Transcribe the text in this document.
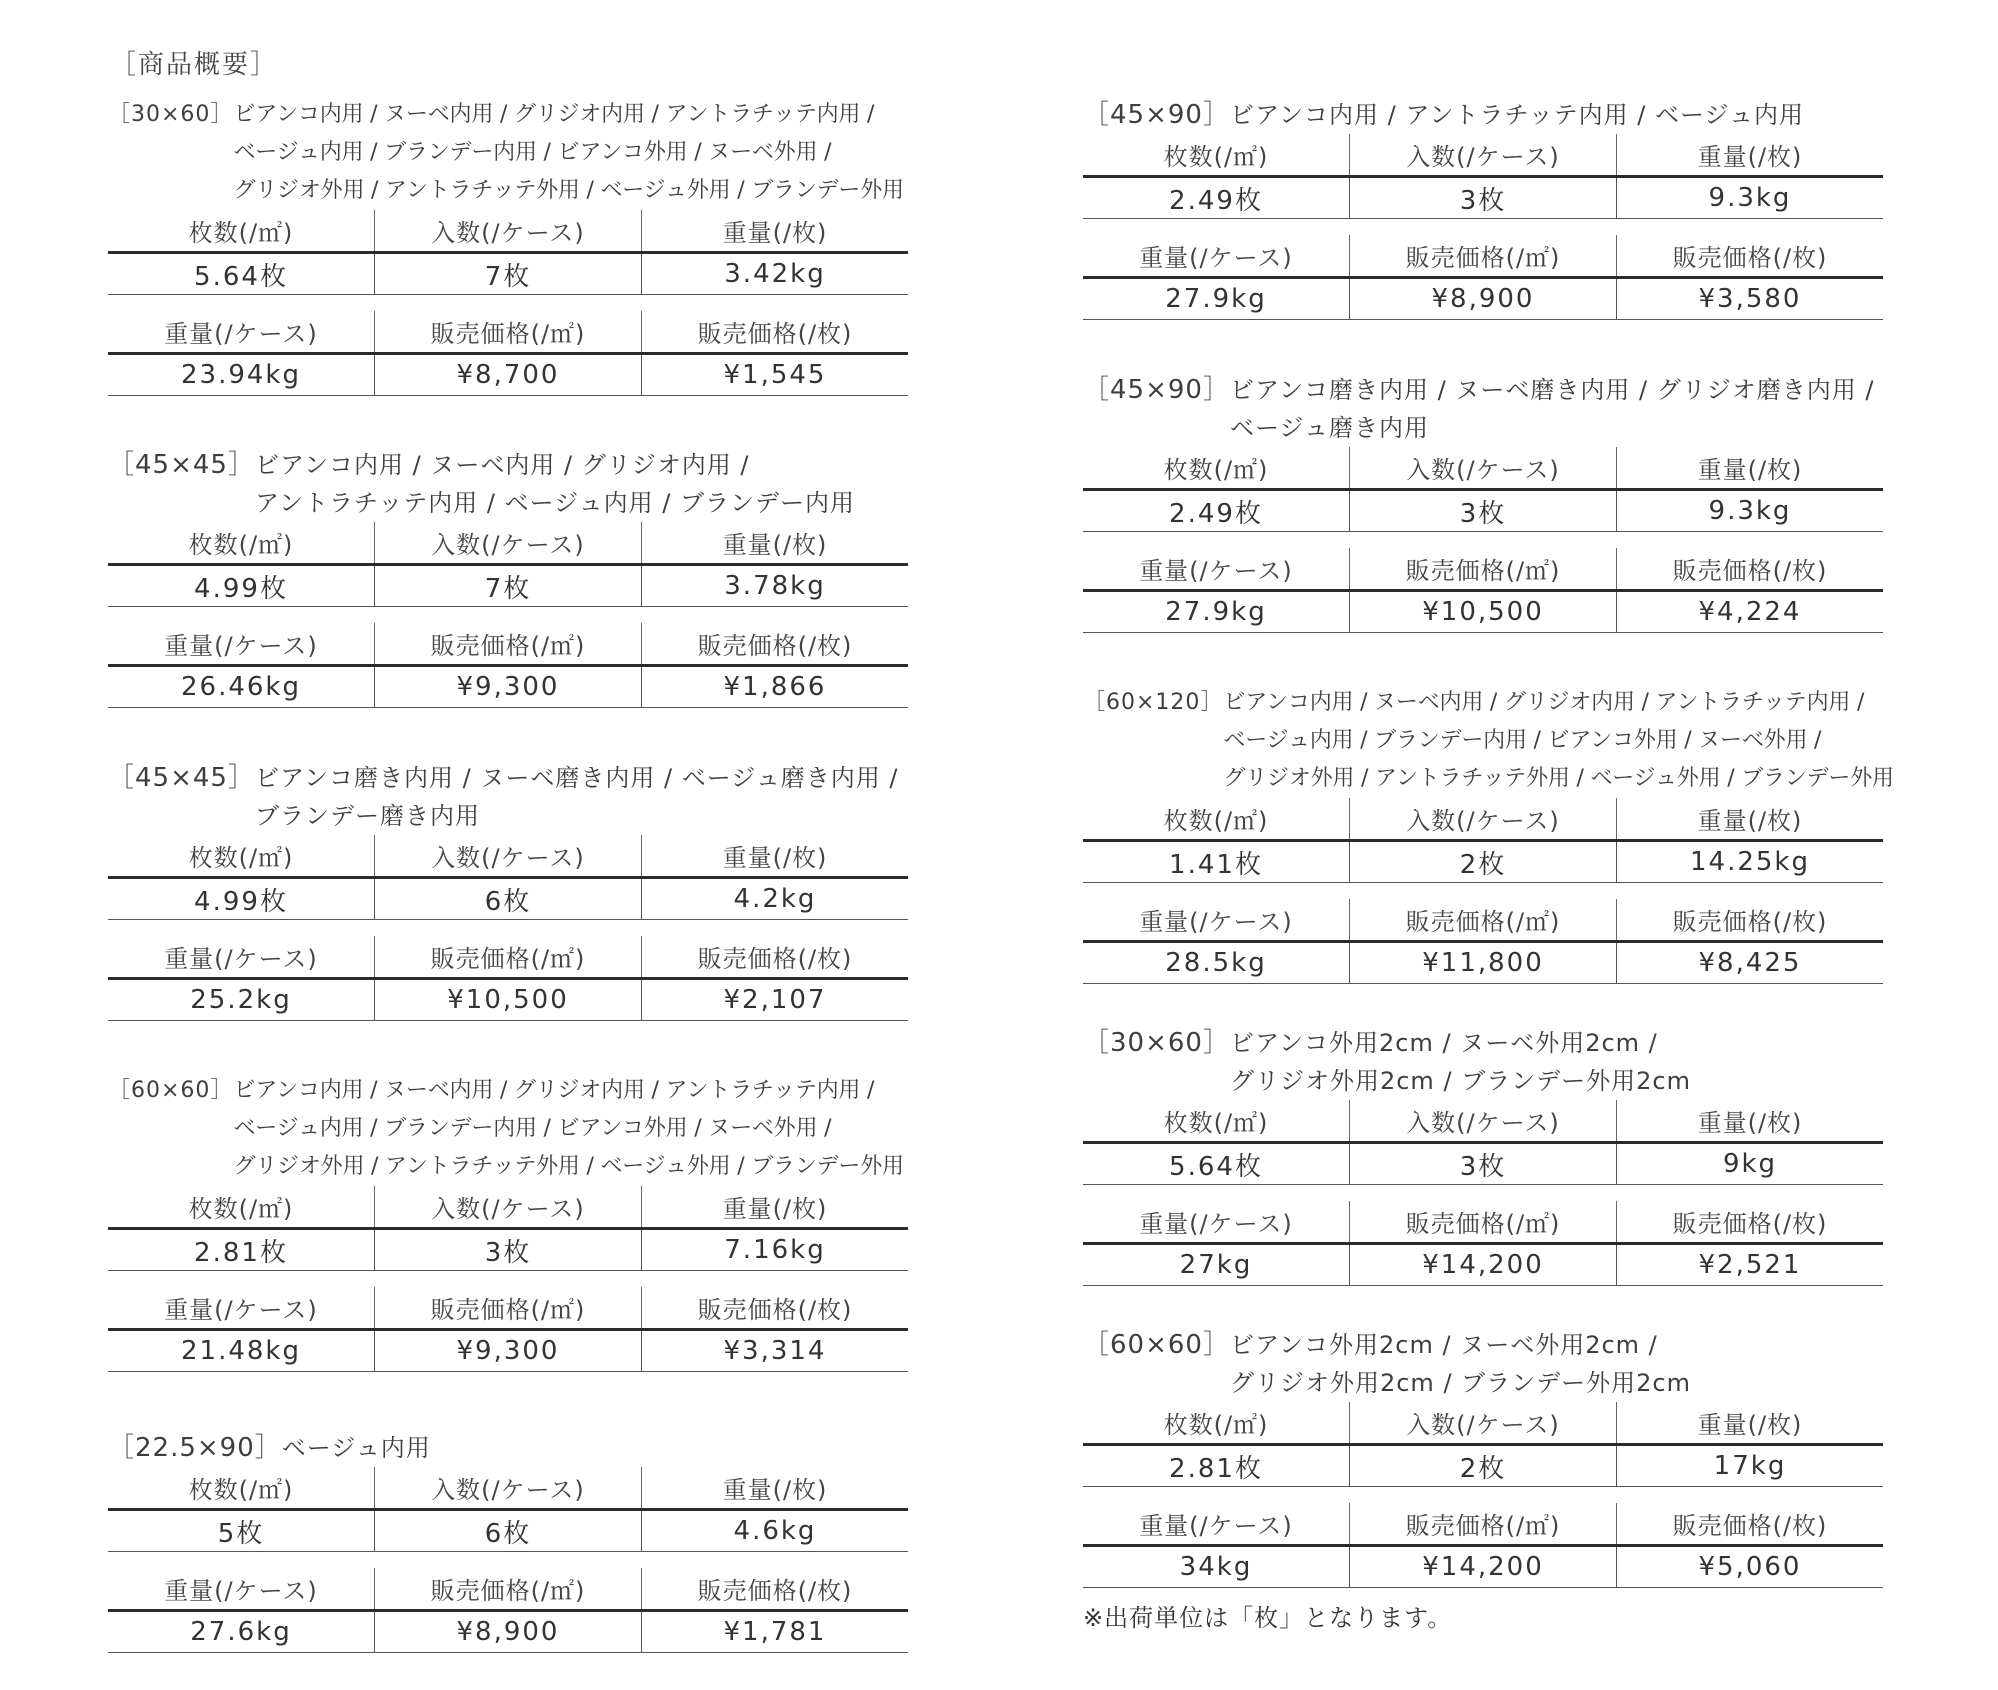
［商品概要］
［30×60］ ビアンコ内用 / ヌーベ内用 / グリジオ内用 / アントラチッテ内用 /
ベージュ内用 / ブランデー内用 / ビアンコ外用 / ヌーベ外用 /
グリジオ外用 / アントラチッテ外用 / ベージュ外用 / ブランデー外用
枚数(/㎡)	入数(/ケース)	重量(/枚)
5.64枚	7枚	3.42kg
重量(/ケース)	販売価格(/㎡)	販売価格(/枚)
23.94kg	¥8,700	¥1,545
［45×45］ ビアンコ内用 / ヌーベ内用 / グリジオ内用 /
アントラチッテ内用 / ベージュ内用 / ブランデー内用
枚数(/㎡)	入数(/ケース)	重量(/枚)
4.99枚	7枚	3.78kg
重量(/ケース)	販売価格(/㎡)	販売価格(/枚)
26.46kg	¥9,300	¥1,866
［45×45］ ビアンコ磨き内用 / ヌーベ磨き内用 / ベージュ磨き内用 /
ブランデー磨き内用
枚数(/㎡)	入数(/ケース)	重量(/枚)
4.99枚	6枚	4.2kg
重量(/ケース)	販売価格(/㎡)	販売価格(/枚)
25.2kg	¥10,500	¥2,107
［60×60］ ビアンコ内用 / ヌーベ内用 / グリジオ内用 / アントラチッテ内用 /
ベージュ内用 / ブランデー内用 / ビアンコ外用 / ヌーベ外用 /
グリジオ外用 / アントラチッテ外用 / ベージュ外用 / ブランデー外用
枚数(/㎡)	入数(/ケース)	重量(/枚)
2.81枚	3枚	7.16kg
重量(/ケース)	販売価格(/㎡)	販売価格(/枚)
21.48kg	¥9,300	¥3,314
［22.5×90］ ベージュ内用
枚数(/㎡)	入数(/ケース)	重量(/枚)
5枚	6枚	4.6kg
重量(/ケース)	販売価格(/㎡)	販売価格(/枚)
27.6kg	¥8,900	¥1,781
［45×90］ ビアンコ内用 / アントラチッテ内用 / ベージュ内用
枚数(/㎡)	入数(/ケース)	重量(/枚)
2.49枚	3枚	9.3kg
重量(/ケース)	販売価格(/㎡)	販売価格(/枚)
27.9kg	¥8,900	¥3,580
［45×90］ ビアンコ磨き内用 / ヌーベ磨き内用 / グリジオ磨き内用 /
ベージュ磨き内用
枚数(/㎡)	入数(/ケース)	重量(/枚)
2.49枚	3枚	9.3kg
重量(/ケース)	販売価格(/㎡)	販売価格(/枚)
27.9kg	¥10,500	¥4,224
［60×120］ ビアンコ内用 / ヌーベ内用 / グリジオ内用 / アントラチッテ内用 /
ベージュ内用 / ブランデー内用 / ビアンコ外用 / ヌーベ外用 /
グリジオ外用 / アントラチッテ外用 / ベージュ外用 / ブランデー外用
枚数(/㎡)	入数(/ケース)	重量(/枚)
1.41枚	2枚	14.25kg
重量(/ケース)	販売価格(/㎡)	販売価格(/枚)
28.5kg	¥11,800	¥8,425
［30×60］ ビアンコ外用2cm / ヌーベ外用2cm /
グリジオ外用2cm / ブランデー外用2cm
枚数(/㎡)	入数(/ケース)	重量(/枚)
5.64枚	3枚	9kg
重量(/ケース)	販売価格(/㎡)	販売価格(/枚)
27kg	¥14,200	¥2,521
［60×60］ ビアンコ外用2cm / ヌーベ外用2cm /
グリジオ外用2cm / ブランデー外用2cm
枚数(/㎡)	入数(/ケース)	重量(/枚)
2.81枚	2枚	17kg
重量(/ケース)	販売価格(/㎡)	販売価格(/枚)
34kg	¥14,200	¥5,060
※出荷単位は「枚」となります。
